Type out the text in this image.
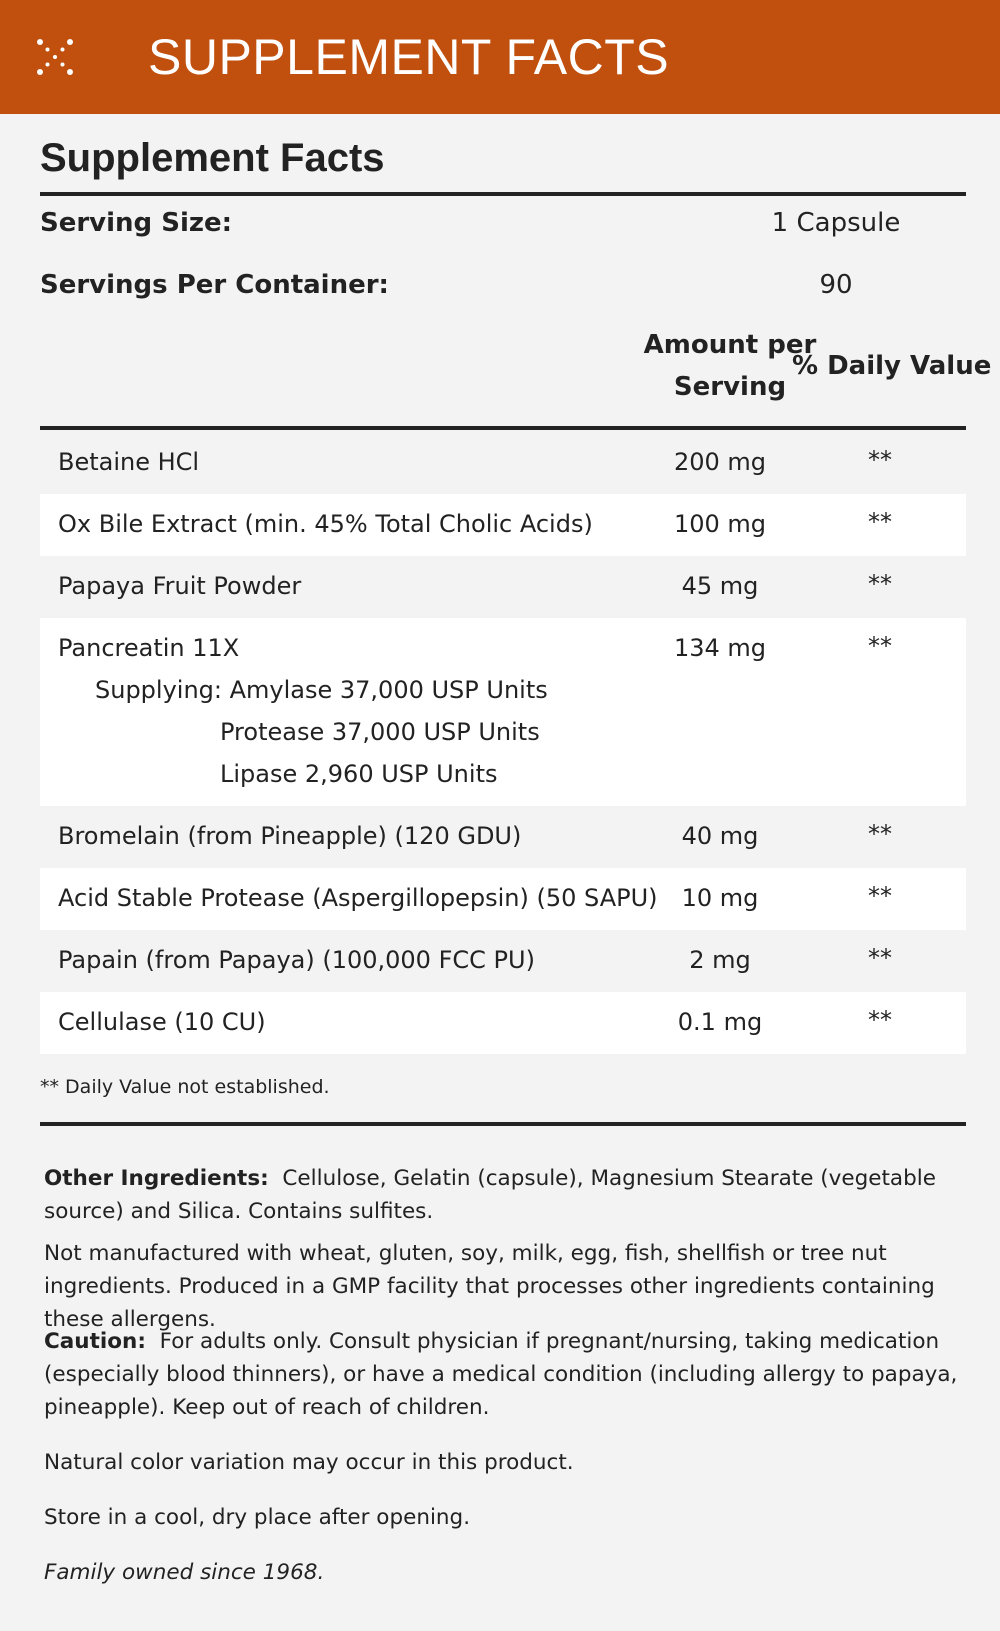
SUPPLEMENT FACTS
Supplement Facts
Serving Size:	1 Capsule
Servings Per Container:	90
Amount per
Serving
% Daily Value
Betaine HCl	200 mg	**
Ox Bile Extract (min. 45% Total Cholic Acids)	100 mg	**
Papaya Fruit Powder	45 mg	**
Pancreatin 11X	134 mg	**
Supplying: Amylase 37,000 USP Units
Protease 37,000 USP Units
Lipase 2,960 USP Units
Bromelain (from Pineapple) (120 GDU)	40 mg	**
Acid Stable Protease (Aspergillopepsin) (50 SAPU)	10 mg	**
Papain (from Papaya) (100,000 FCC PU)	2 mg	**
Cellulase (10 CU)	0.1 mg	**
** Daily Value not established.
Other Ingredients: Cellulose, Gelatin (capsule), Magnesium Stearate (vegetable source) and Silica. Contains sulfites.
Not manufactured with wheat, gluten, soy, milk, egg, fish, shellfish or tree nut ingredients. Produced in a GMP facility that processes other ingredients containing these allergens.
Caution: For adults only. Consult physician if pregnant/nursing, taking medication (especially blood thinners), or have a medical condition (including allergy to papaya, pineapple). Keep out of reach of children.
Natural color variation may occur in this product.
Store in a cool, dry place after opening.
Family owned since 1968.
